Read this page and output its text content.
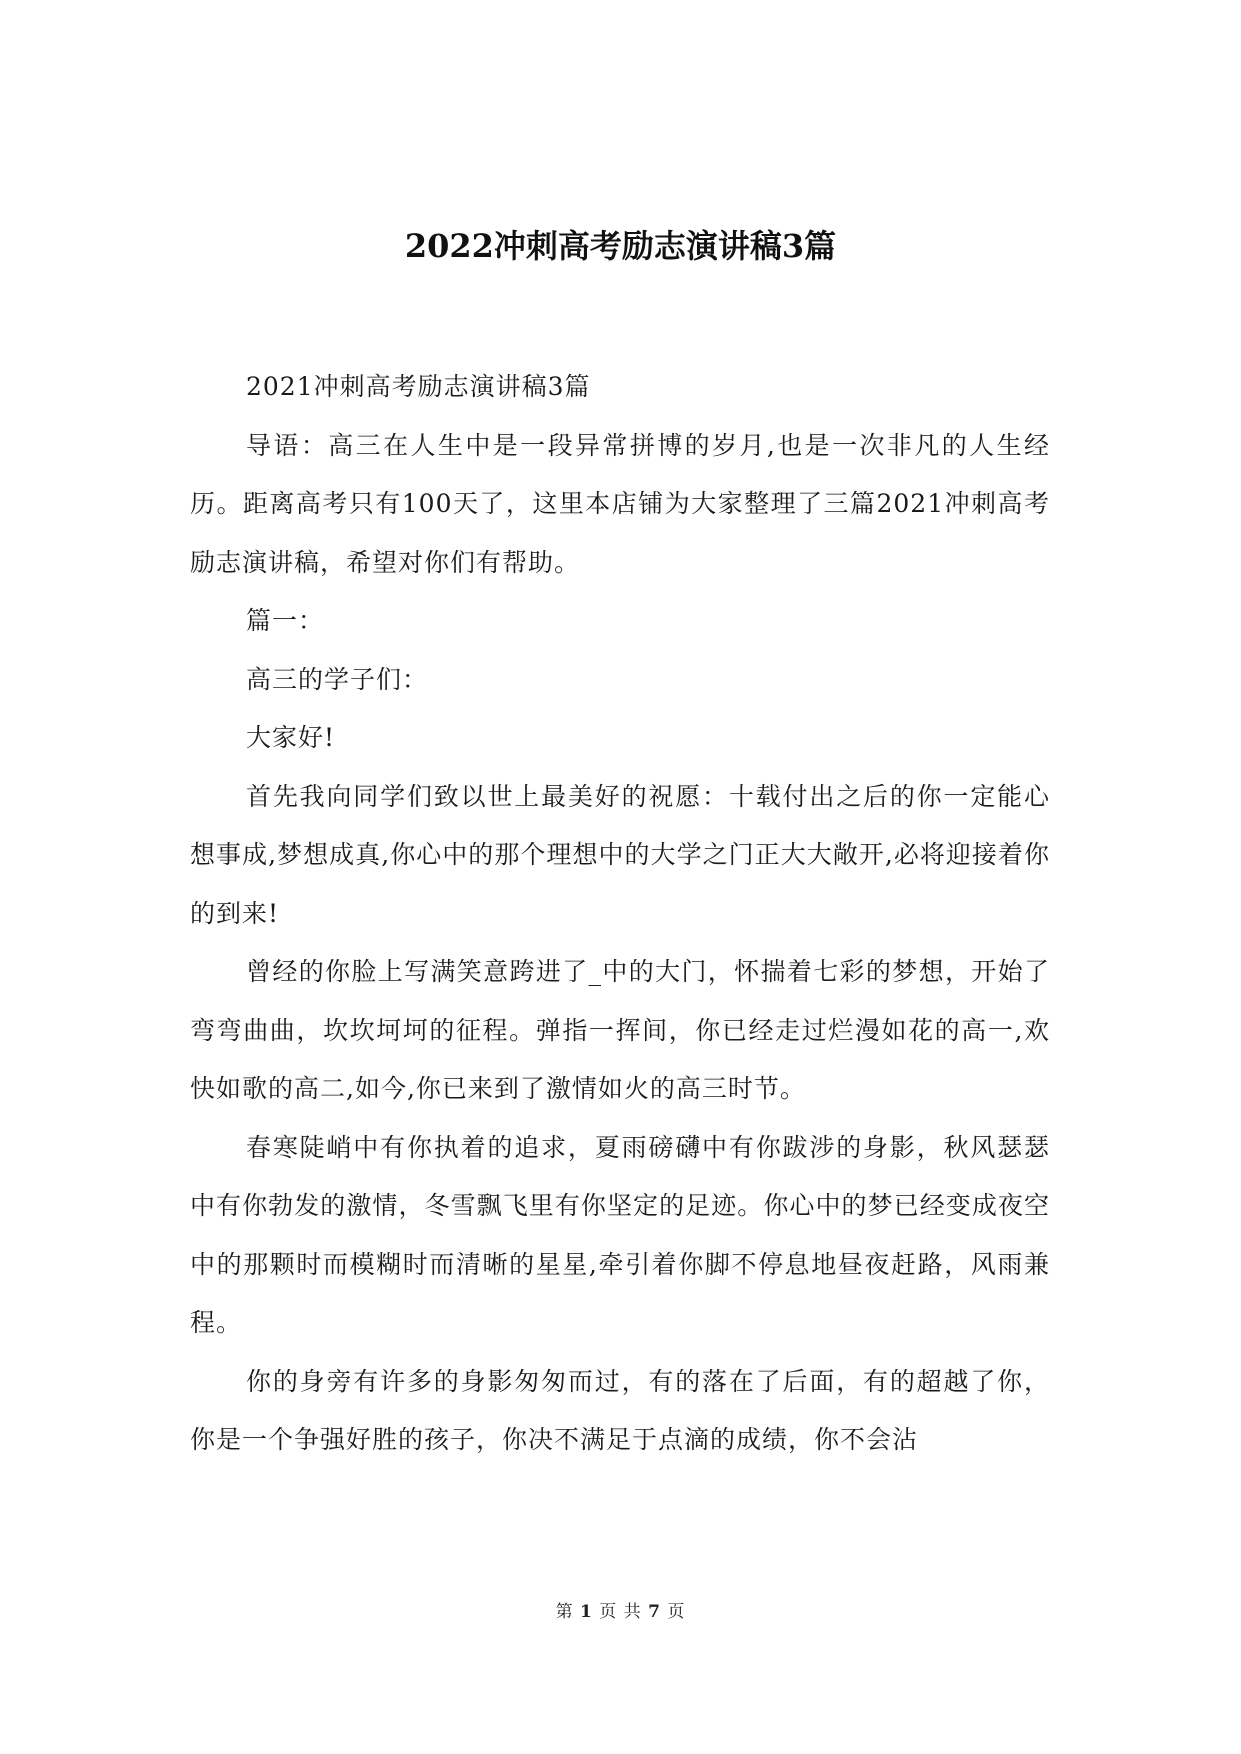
2022冲刺高考励志演讲稿3篇

2021冲刺高考励志演讲稿3篇

导语：高三在人生中是一段异常拼博的岁月,也是一次非凡的人生经历。距离高考只有100天了，这里本店铺为大家整理了三篇2021冲刺高考励志演讲稿，希望对你们有帮助。

篇一：

高三的学子们：

大家好!

首先我向同学们致以世上最美好的祝愿：十载付出之后的你一定能心想事成,梦想成真,你心中的那个理想中的大学之门正大大敞开,必将迎接着你的到来!

曾经的你脸上写满笑意跨进了_中的大门，怀揣着七彩的梦想，开始了弯弯曲曲，坎坎坷坷的征程。弹指一挥间，你已经走过烂漫如花的高一,欢快如歌的高二,如今,你已来到了激情如火的高三时节。

春寒陡峭中有你执着的追求，夏雨磅礴中有你跋涉的身影，秋风瑟瑟中有你勃发的激情，冬雪飘飞里有你坚定的足迹。你心中的梦已经变成夜空中的那颗时而模糊时而清晰的星星,牵引着你脚不停息地昼夜赶路，风雨兼程。

你的身旁有许多的身影匆匆而过，有的落在了后面，有的超越了你，你是一个争强好胜的孩子，你决不满足于点滴的成绩，你不会沾

第 1 页 共 7 页
